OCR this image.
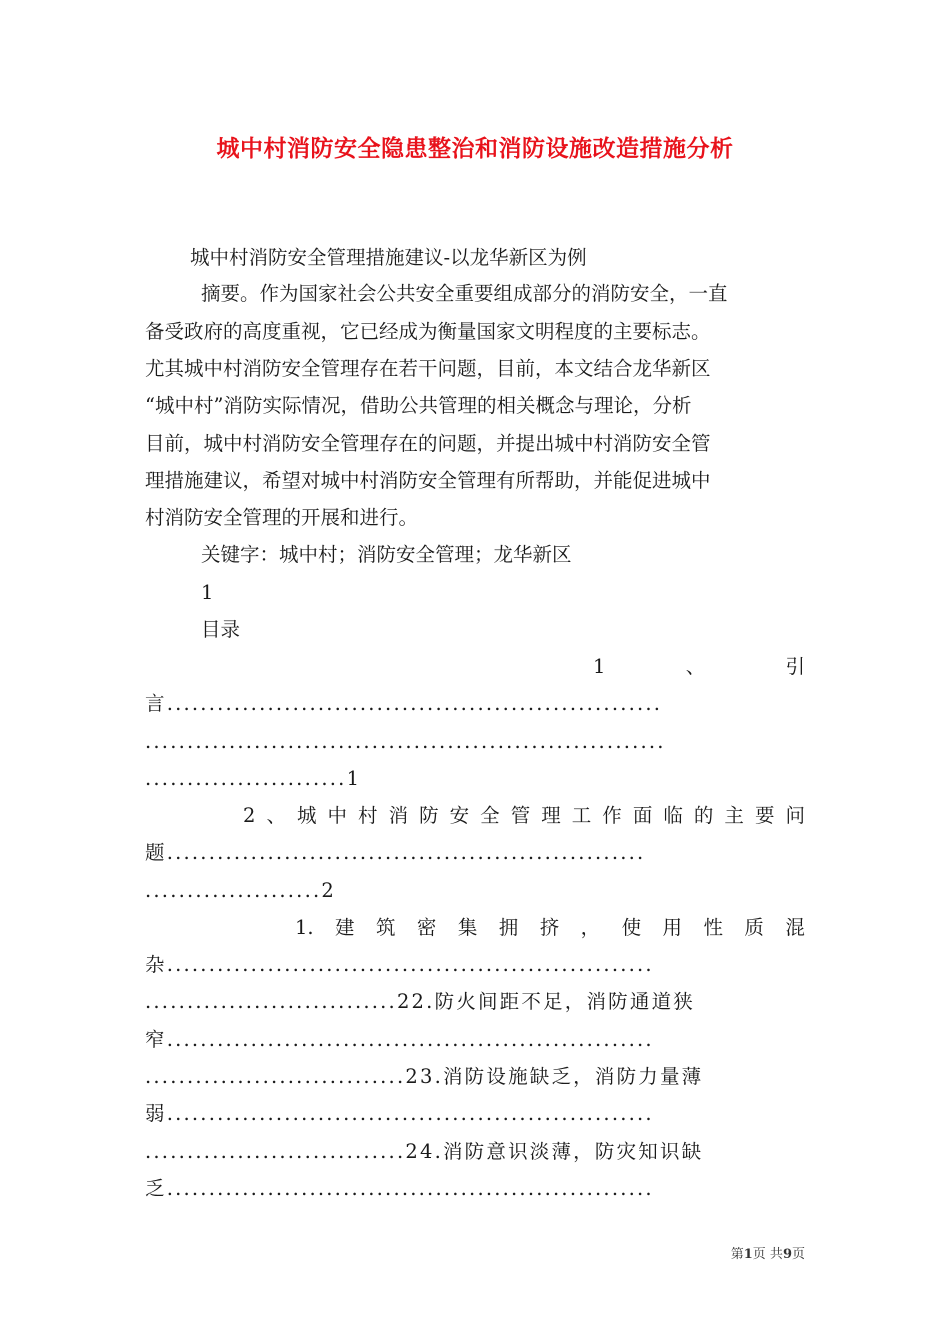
城中村消防安全隐患整治和消防设施改造措施分析
城中村消防安全管理措施建议-以龙华新区为例
摘要。作为国家社会公共安全重要组成部分的消防安全，一直
备受政府的高度重视，它已经成为衡量国家文明程度的主要标志。
尤其城中村消防安全管理存在若干问题，目前，本文结合龙华新区
“城中村”消防实际情况，借助公共管理的相关概念与理论，分析
目前，城中村消防安全管理存在的问题，并提出城中村消防安全管
理措施建议，希望对城中村消防安全管理有所帮助，并能促进城中
村消防安全管理的开展和进行。
关键字：城中村；消防安全管理；龙华新区
1
目录
1	、	引
言...........................................................
..............................................................
........................1
2 、 城 中 村 消 防 安 全 管 理 工 作 面 临 的 主 要 问
题.........................................................
.....................2
1. 建 筑 密 集 拥 挤 ， 使 用 性 质 混
杂..........................................................
..............................22.防火间距不足，消防通道狭
窄..........................................................
...............................23.消防设施缺乏，消防力量薄
弱..........................................................
...............................24.消防意识淡薄，防灾知识缺
乏..........................................................
第1页 共9页
